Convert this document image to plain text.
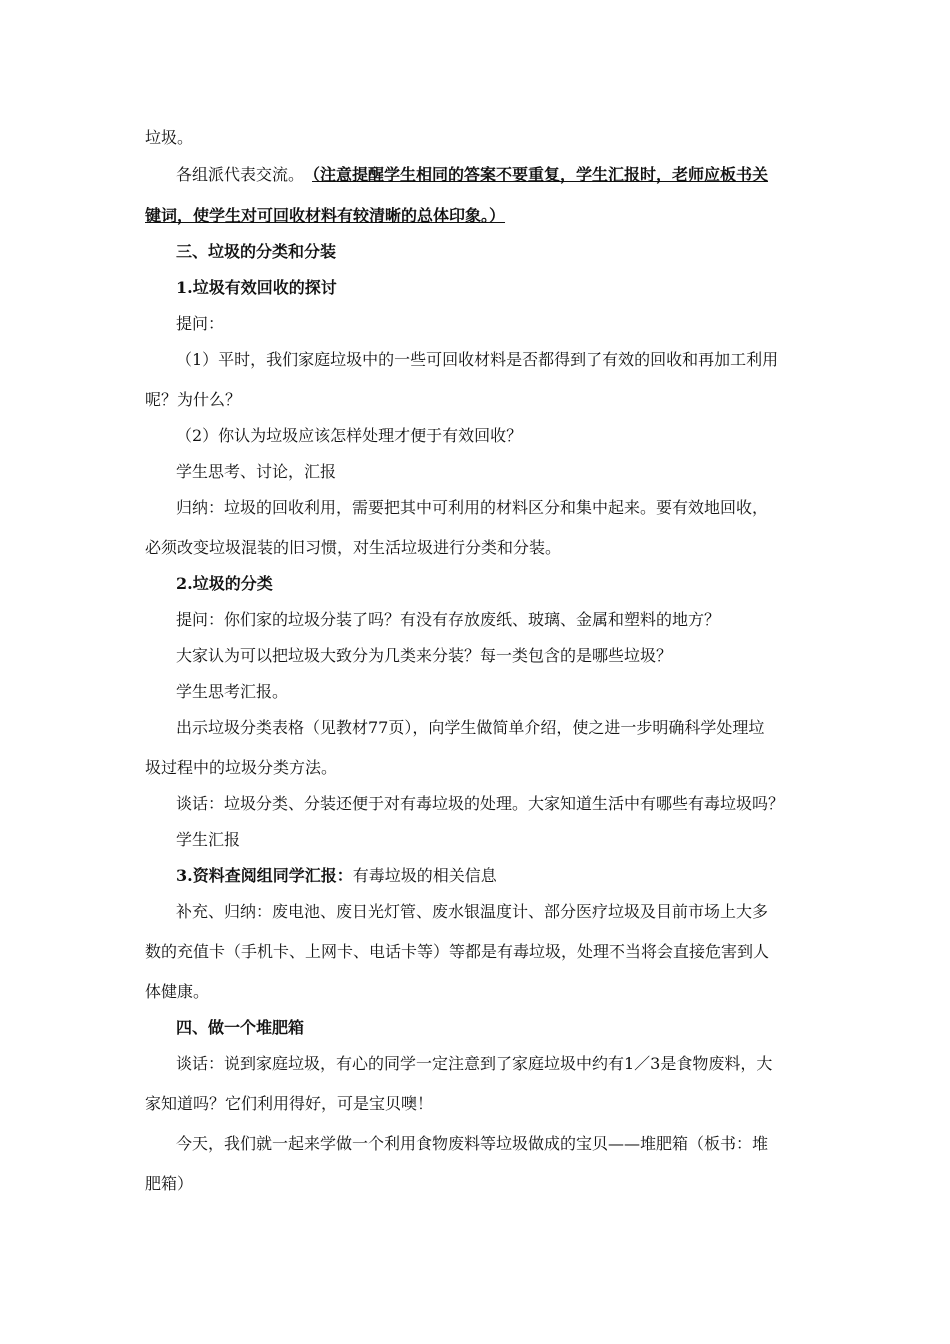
垃圾。
各组派代表交流。 （注意提醒学生相同的答案不要重复，学生汇报时，老师应板书关
键词，使学生对可回收材料有较清晰的总体印象。）
三、垃圾的分类和分装
1.垃圾有效回收的探讨
提问：
（1）平时，我们家庭垃圾中的一些可回收材料是否都得到了有效的回收和再加工利用
呢？为什么？
（2）你认为垃圾应该怎样处理才便于有效回收？
学生思考、讨论，汇报
归纳：垃圾的回收利用，需要把其中可利用的材料区分和集中起来。要有效地回收，
必须改变垃圾混装的旧习惯，对生活垃圾进行分类和分装。
2.垃圾的分类
提问：你们家的垃圾分装了吗？有没有存放废纸、玻璃、金属和塑料的地方？
大家认为可以把垃圾大致分为几类来分装？每一类包含的是哪些垃圾？
学生思考汇报。
出示垃圾分类表格（见教材77页），向学生做简单介绍，使之进一步明确科学处理垃
圾过程中的垃圾分类方法。
谈话：垃圾分类、分装还便于对有毒垃圾的处理。大家知道生活中有哪些有毒垃圾吗？
学生汇报
3.资料查阅组同学汇报：有毒垃圾的相关信息
补充、归纳：废电池、废日光灯管、废水银温度计、部分医疗垃圾及目前市场上大多
数的充值卡（手机卡、上网卡、电话卡等）等都是有毒垃圾，处理不当将会直接危害到人
体健康。
四、做一个堆肥箱
谈话：说到家庭垃圾，有心的同学一定注意到了家庭垃圾中约有1／3是食物废料，大
家知道吗？它们利用得好，可是宝贝噢！
今天，我们就一起来学做一个利用食物废料等垃圾做成的宝贝——堆肥箱（板书：堆
肥箱）
